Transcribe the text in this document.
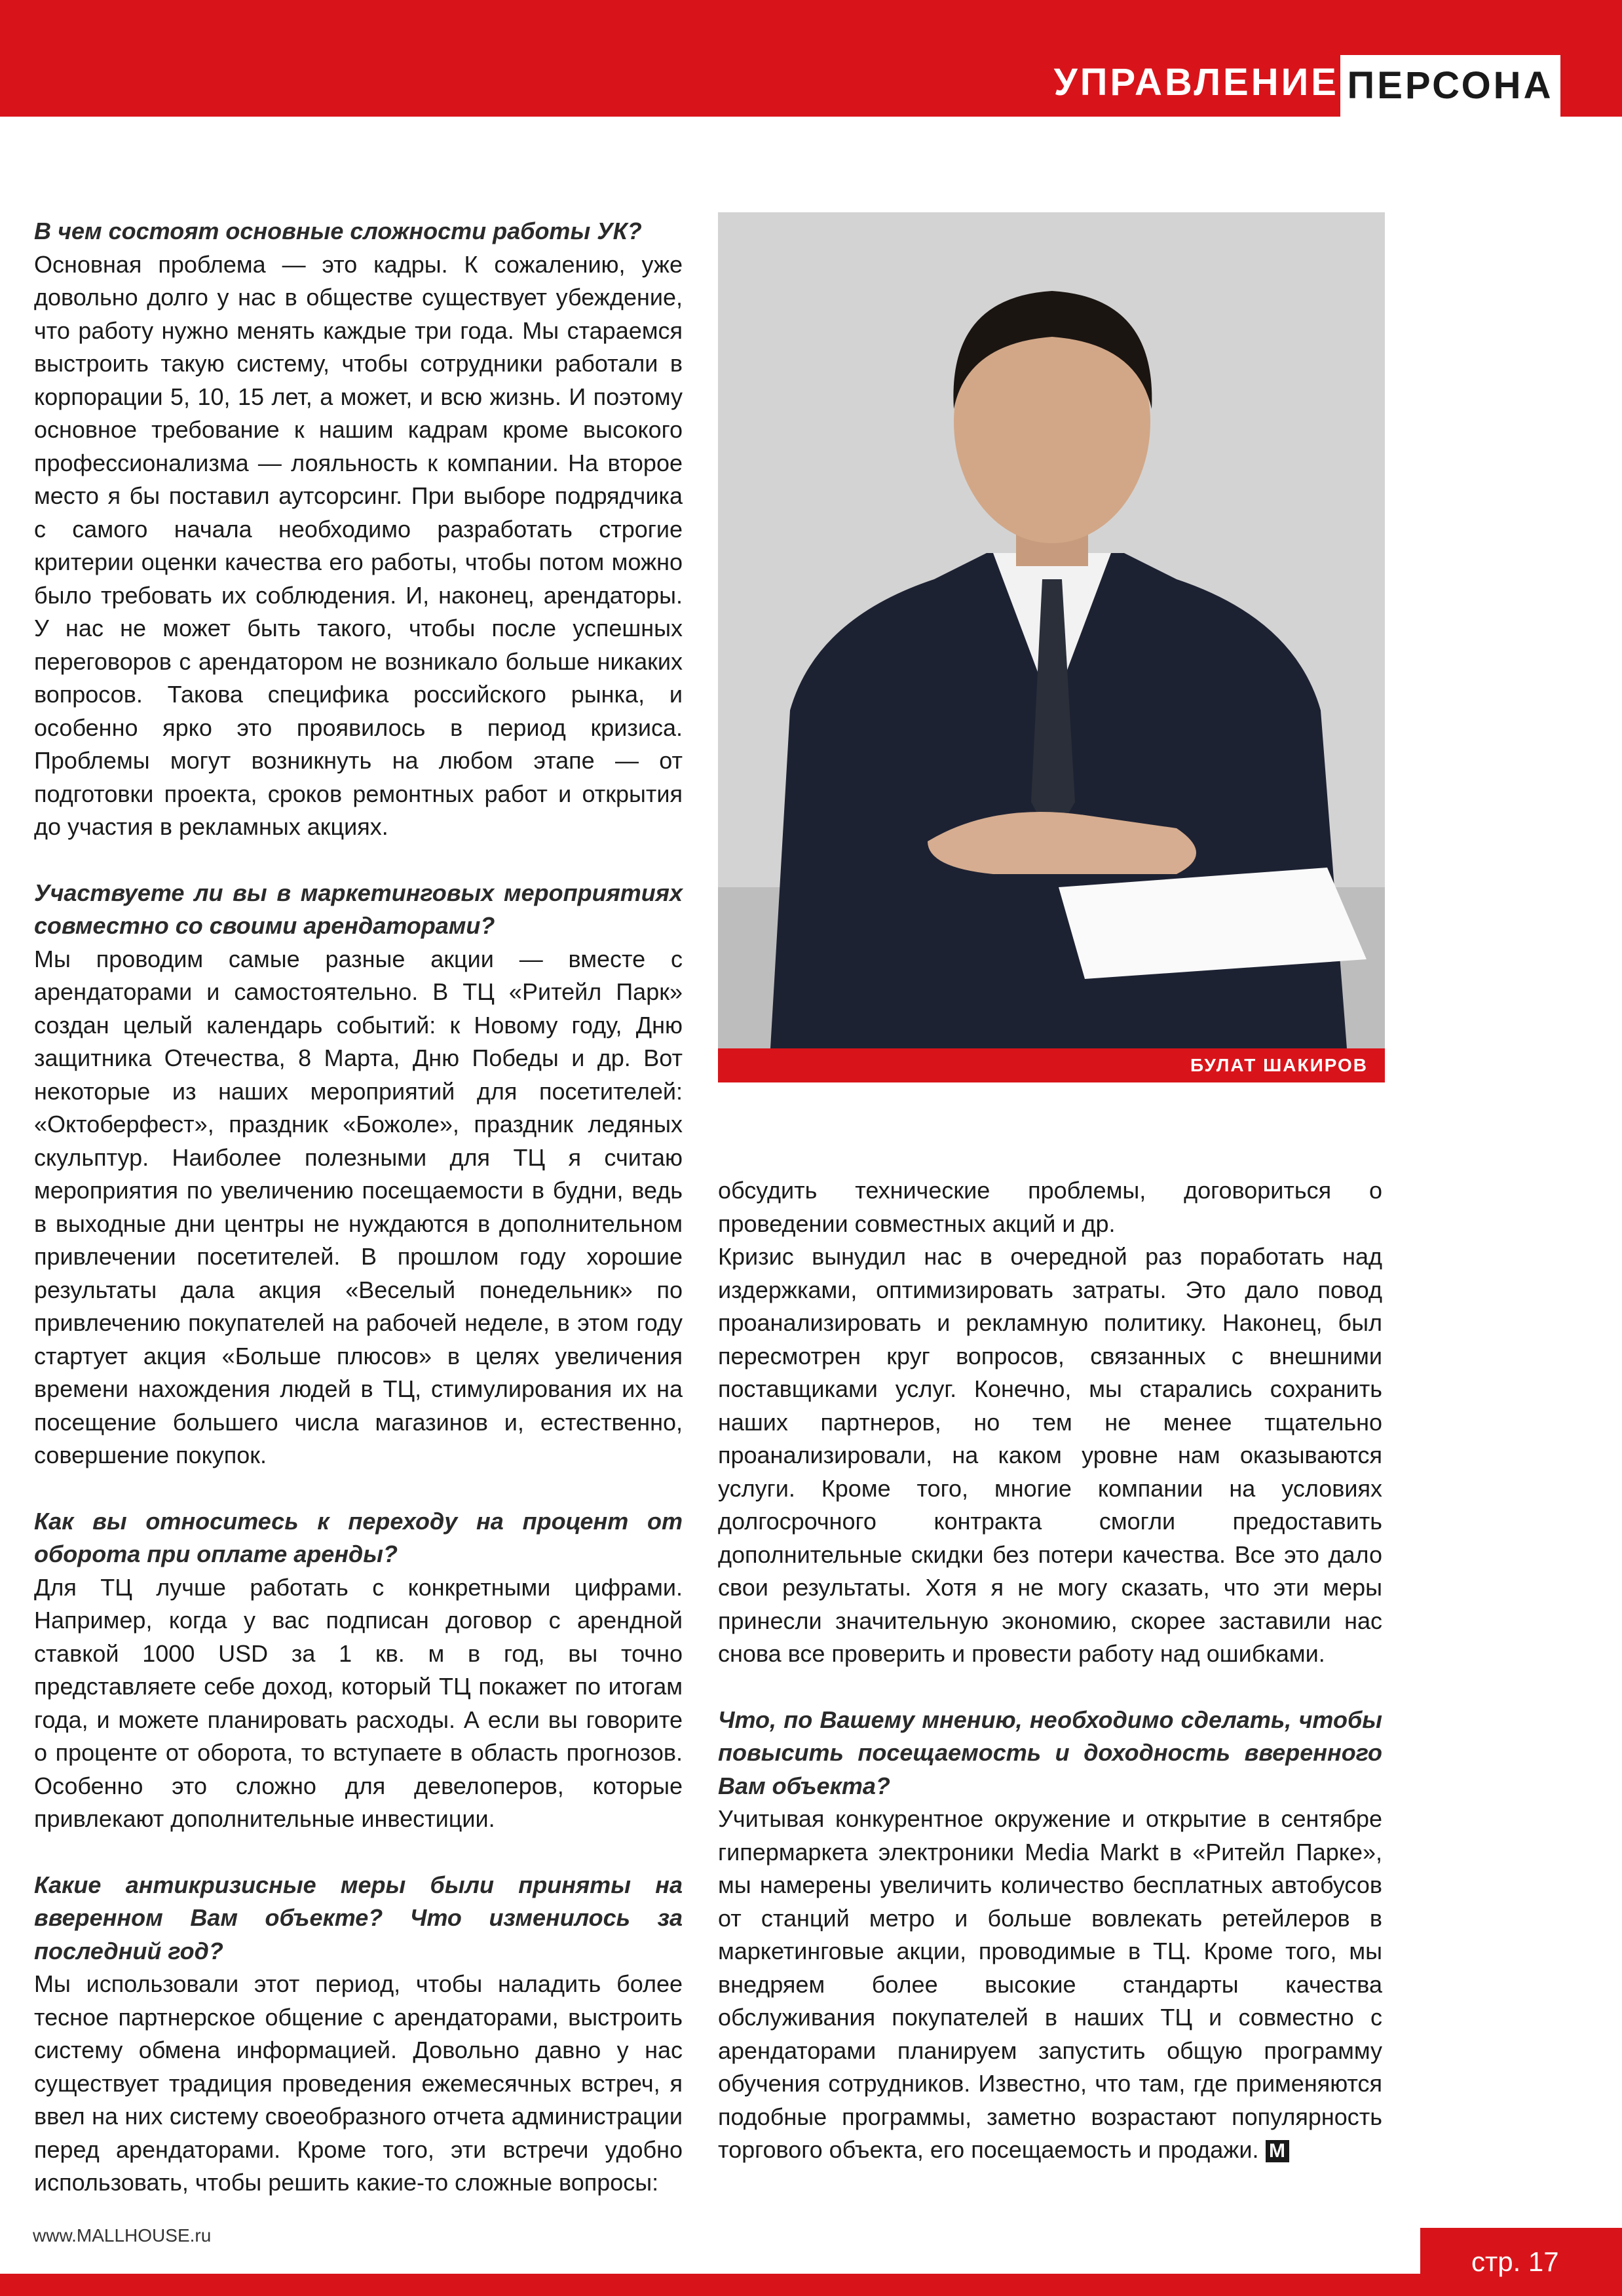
УПРАВЛЕНИЕ ПЕРСОНА

В чем состоят основные сложности работы УК?

Основная проблема — это кадры. К сожалению, уже довольно долго у нас в обществе существует убеждение, что работу нужно менять каждые три года. Мы стараемся выстроить такую систему, чтобы сотрудники работали в корпорации 5, 10, 15 лет, а может, и всю жизнь. И поэтому основное требование к нашим кадрам кроме высокого профессионализма — лояльность к компании. На второе место я бы поставил аутсорсинг. При выборе подрядчика с самого начала необходимо разработать строгие критерии оценки качества его работы, чтобы потом можно было требовать их соблюдения. И, наконец, арендаторы. У нас не может быть такого, чтобы после успешных переговоров с арендатором не возникало больше никаких вопросов. Такова специфика российского рынка, и особенно ярко это проявилось в период кризиса. Проблемы могут возникнуть на любом этапе — от подготовки проекта, сроков ремонтных работ и открытия до участия в рекламных акциях.

Участвуете ли вы в маркетинговых мероприятиях совместно со своими арендаторами?

Мы проводим самые разные акции — вместе с арендаторами и самостоятельно. В ТЦ «Ритейл Парк» создан целый календарь событий: к Новому году, Дню защитника Отечества, 8 Марта, Дню Победы и др. Вот некоторые из наших мероприятий для посетителей: «Октоберфест», праздник «Божоле», праздник ледяных скульптур. Наиболее полезными для ТЦ я считаю мероприятия по увеличению посещаемости в будни, ведь в выходные дни центры не нуждаются в дополнительном привлечении посетителей. В прошлом году хорошие результаты дала акция «Веселый понедельник» по привлечению покупателей на рабочей неделе, в этом году стартует акция «Больше плюсов» в целях увеличения времени нахождения людей в ТЦ, стимулирования их на посещение большего числа магазинов и, естественно, совершение покупок.

Как вы относитесь к переходу на процент от оборота при оплате аренды?

Для ТЦ лучше работать с конкретными цифрами. Например, когда у вас подписан договор с арендной ставкой 1000 USD за 1 кв. м в год, вы точно представляете себе доход, который ТЦ покажет по итогам года, и можете планировать расходы. А если вы говорите о проценте от оборота, то вступаете в область прогнозов. Особенно это сложно для девелоперов, которые привлекают дополнительные инвестиции.

Какие антикризисные меры были приняты на вверенном Вам объекте? Что изменилось за последний год?

Мы использовали этот период, чтобы наладить более тесное партнерское общение с арендаторами, выстроить систему обмена информацией. Довольно давно у нас существует традиция проведения ежемесячных встреч, я ввел на них систему своеобразного отчета администрации перед арендаторами. Кроме того, эти встречи удобно использовать, чтобы решить какие-то сложные вопросы:

БУЛАТ ШАКИРОВ

обсудить технические проблемы, договориться о проведении совместных акций и др.

Кризис вынудил нас в очередной раз поработать над издержками, оптимизировать затраты. Это дало повод проанализировать и рекламную политику. Наконец, был пересмотрен круг вопросов, связанных с внешними поставщиками услуг. Конечно, мы старались сохранить наших партнеров, но тем не менее тщательно проанализировали, на каком уровне нам оказываются услуги. Кроме того, многие компании на условиях долгосрочного контракта смогли предоставить дополнительные скидки без потери качества. Все это дало свои результаты. Хотя я не могу сказать, что эти меры принесли значительную экономию, скорее заставили нас снова все проверить и провести работу над ошибками.

Что, по Вашему мнению, необходимо сделать, чтобы повысить посещаемость и доходность вверенного Вам объекта?

Учитывая конкурентное окружение и открытие в сентябре гипермаркета электроники Media Markt в «Ритейл Парке», мы намерены увеличить количество бесплатных автобусов от станций метро и больше вовлекать ретейлеров в маркетинговые акции, проводимые в ТЦ. Кроме того, мы внедряем более высокие стандарты качества обслуживания покупателей в наших ТЦ и совместно с арендаторами планируем запустить общую программу обучения сотрудников. Известно, что там, где применяются подобные программы, заметно возрастают популярность торгового объекта, его посещаемость и продажи. M

www.MALLHOUSE.ru
стр. 17
